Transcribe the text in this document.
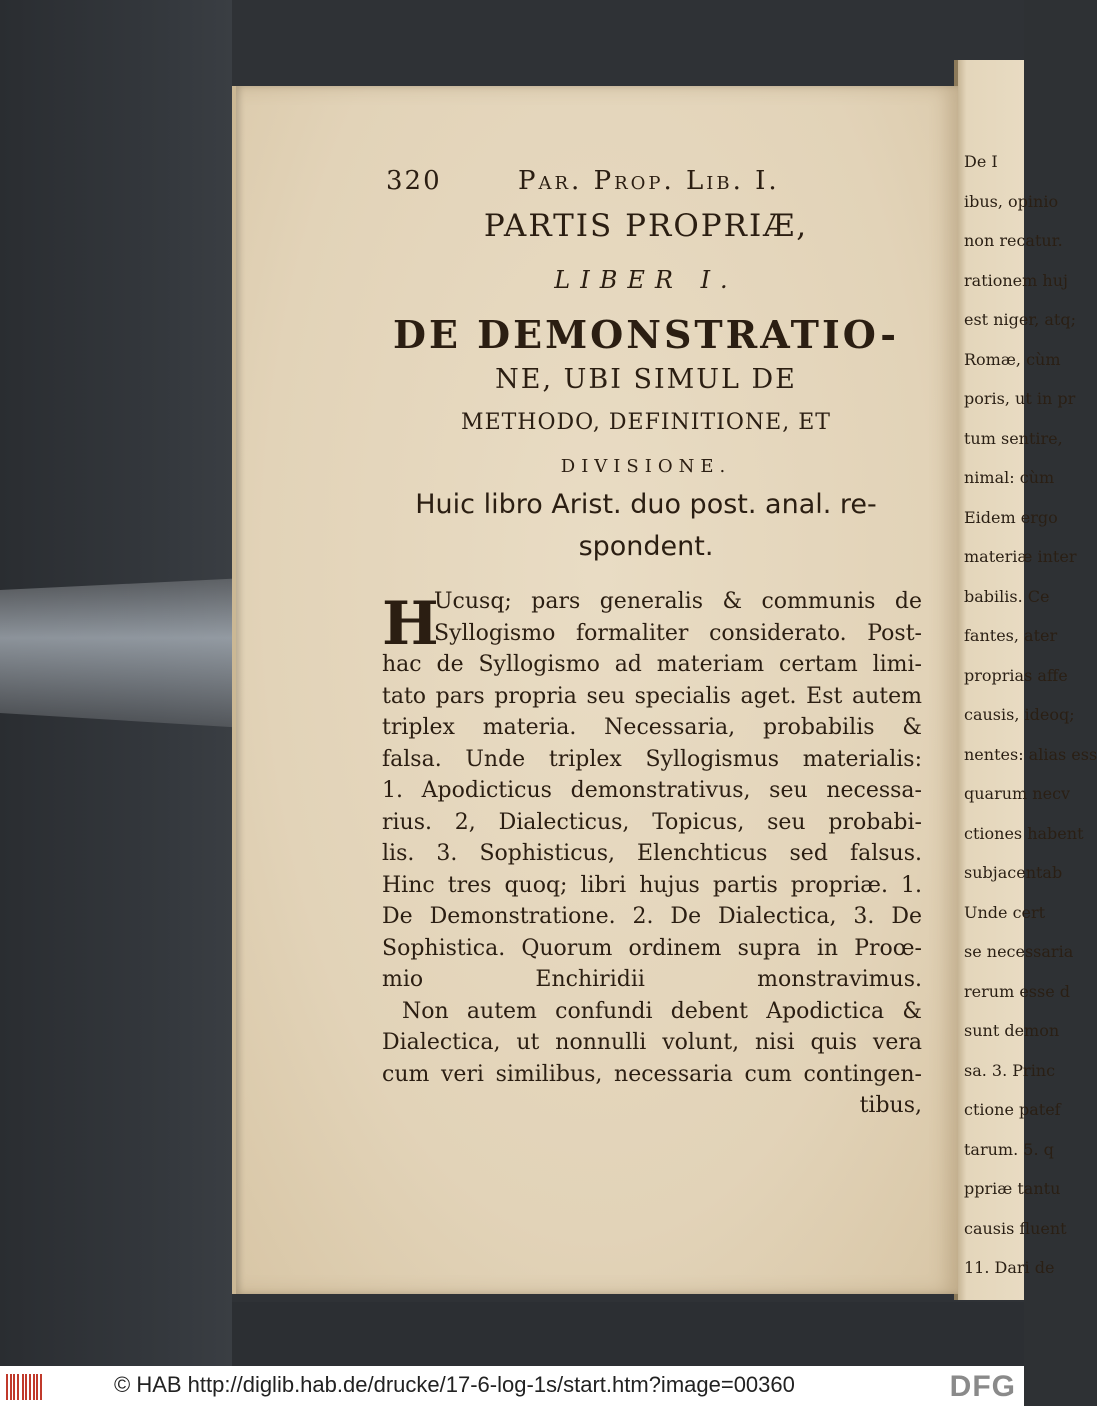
De I
ibus, opinio
non recatur.
rationem huj
est niger, atq;
Romæ, cùm
poris, ut in pr
tum sentire,
nimal: cùm
Eidem ergo
materiæ inter
babilis. Ce
fantes, ater
proprias affe
causis, ideoq;
nentes: alias ess
quarum necv
ctiones habent
subjacentab
Unde cert
se necessaria
rerum esse d
sunt demon
sa. 3. Princ
ctione patef
tarum. 5. q
ppriæ tantu
causis fluent
11. Dari de
320	Par. Prop. Lib. I.
PARTIS PROPRIÆ,
LIBER I.
DE DEMONSTRATIO-
NE, UBI SIMUL DE
METHODO, DEFINITIONE, ET
DIVISIONE.
Huic libro Arist. duo post. anal. re-
spondent.
H
Ucusq; pars generalis & communis de
Syllogismo formaliter considerato. Post-
hac de Syllogismo ad materiam certam limi-
tato pars propria seu specialis aget. Est autem
triplex materia. Necessaria, probabilis &
falsa. Unde triplex Syllogismus materialis:
1. Apodicticus demonstrativus, seu necessa-
rius. 2, Dialecticus, Topicus, seu probabi-
lis. 3. Sophisticus, Elenchticus sed falsus.
Hinc tres quoq; libri hujus partis propriæ. 1.
De Demonstratione. 2. De Dialectica, 3. De
Sophistica. Quorum ordinem supra in Proœ-
mio Enchiridii monstravimus.
Non autem confundi debent Apodictica &
Dialectica, ut nonnulli volunt, nisi quis vera
cum veri similibus, necessaria cum contingen-
tibus,
© HAB http://diglib.hab.de/drucke/17-6-log-1s/start.htm?image=00360	DFG
